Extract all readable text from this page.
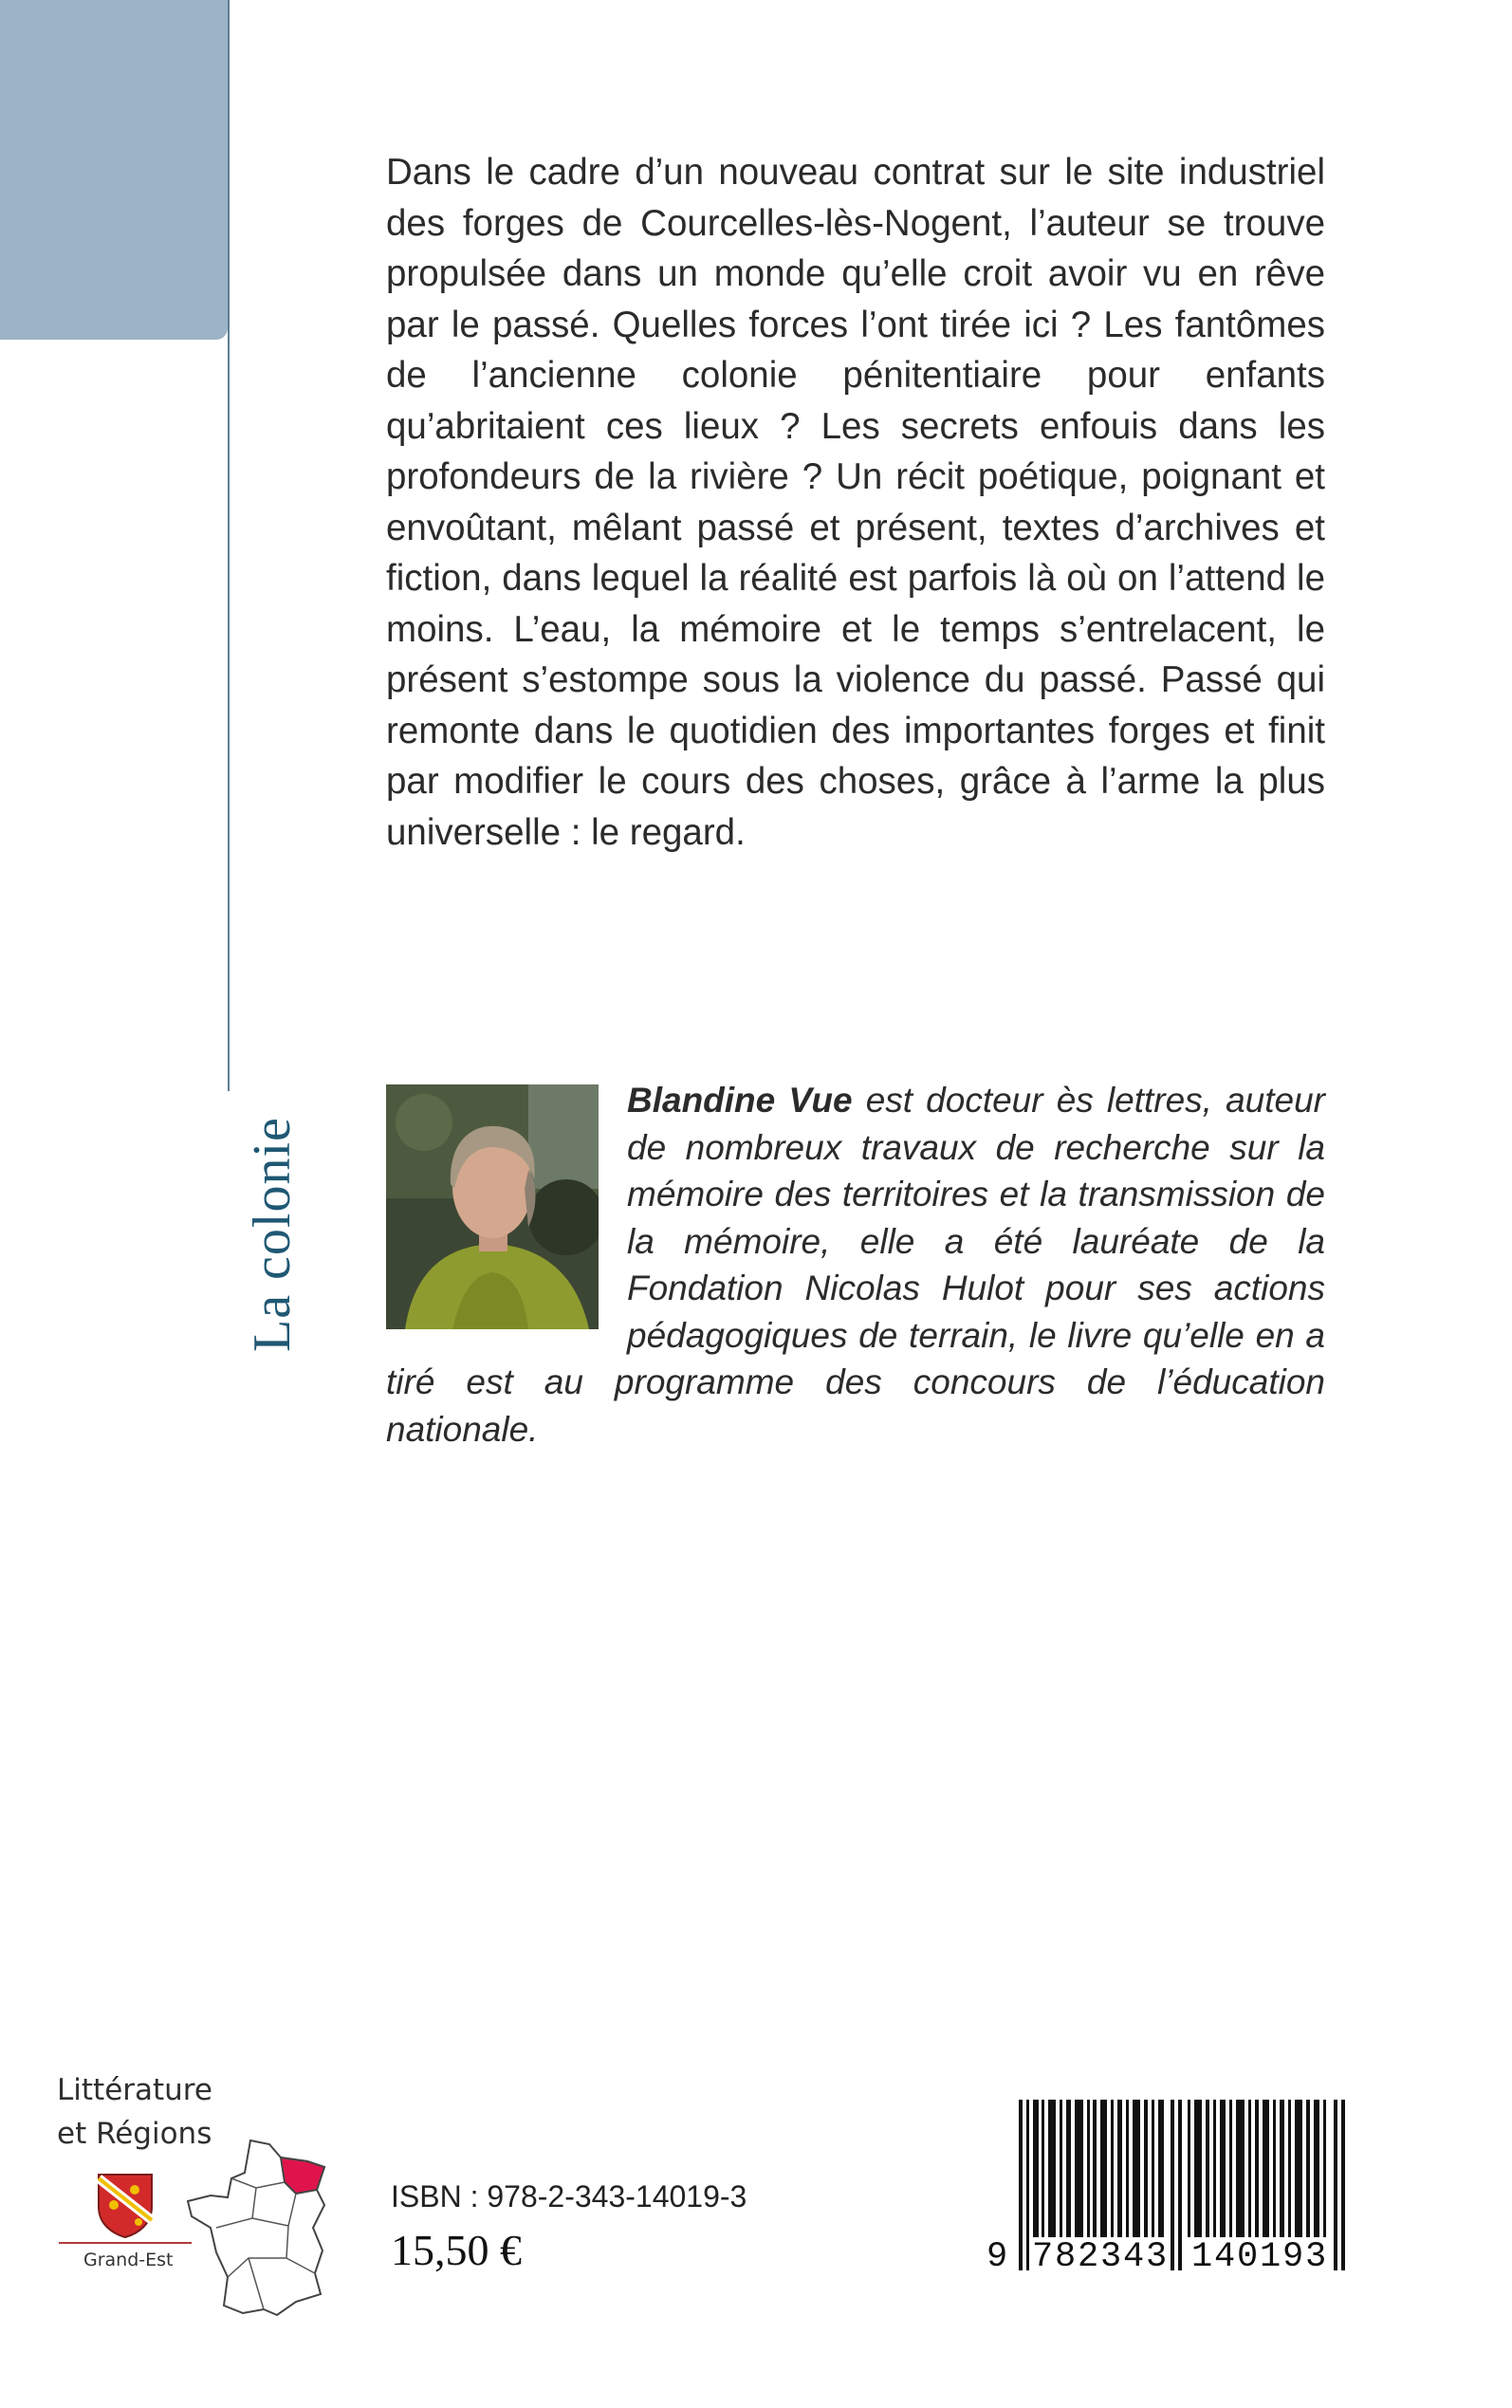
La colonie

Dans le cadre d’un nouveau contrat sur le site industriel des forges de Courcelles-lès-Nogent, l’auteur se trouve propulsée dans un monde qu’elle croit avoir vu en rêve par le passé. Quelles forces l’ont tirée ici ? Les fantômes de l’ancienne colonie pénitentiaire pour enfants qu’abritaient ces lieux ? Les secrets enfouis dans les profondeurs de la rivière ? Un récit poétique, poignant et envoûtant, mêlant passé et présent, textes d’archives et fiction, dans lequel la réalité est parfois là où on l’attend le moins. L’eau, la mémoire et le temps s’entrelacent, le présent s’estompe sous la violence du passé. Passé qui remonte dans le quotidien des importantes forges et finit par modifier le cours des choses, grâce à l’arme la plus universelle : le regard.

Blandine Vue est docteur ès lettres, auteur de nombreux travaux de recherche sur la mémoire des territoires et la transmission de la mémoire, elle a été lauréate de la Fondation Nicolas Hulot pour ses actions pédagogiques de terrain, le livre qu’elle en a tiré est au programme des concours de l’éducation nationale.
Littérature
et Régions
Grand-Est
ISBN : 978-2-343-14019-3
15,50 €	9 782343 140193
